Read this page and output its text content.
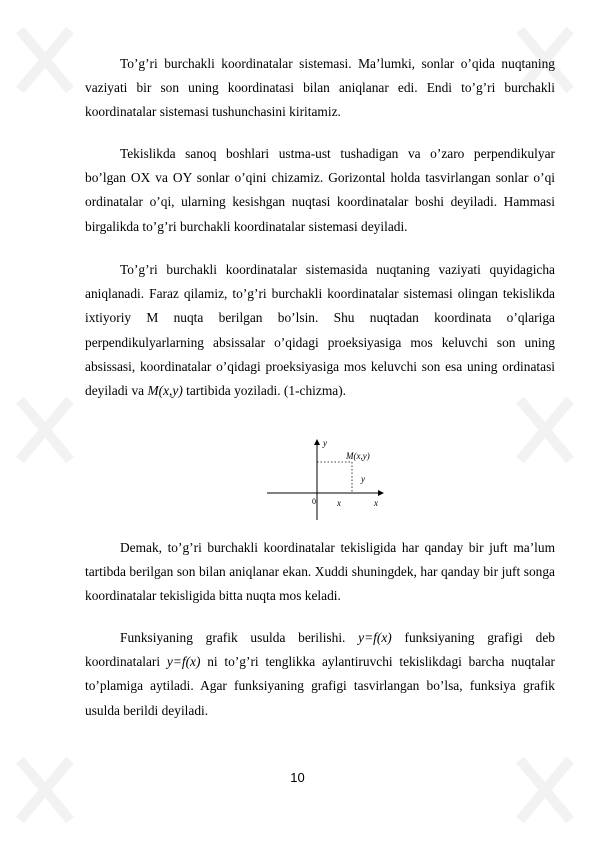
To’g’ri burchakli koordinatalar sistemasi. Ma’lumki, sonlar o’qida nuqtaning vaziyati bir son uning koordinatasi bilan aniqlanar edi. Endi to’g’ri burchakli koordinatalar sistemasi tushunchasini kiritamiz.

Tekislikda sanoq boshlari ustma-ust tushadigan va o’zaro perpendikulyar bo’lgan OX va OY sonlar o’qini chizamiz. Gorizontal holda tasvirlangan sonlar o’qi ordinatalar o’qi, ularning kesishgan nuqtasi koordinatalar boshi deyiladi. Hammasi birgalikda to’g’ri burchakli koordinatalar sistemasi deyiladi.

To’g’ri burchakli koordinatalar sistemasida nuqtaning vaziyati quyidagicha aniqlanadi. Faraz qilamiz, to’g’ri burchakli koordinatalar sistemasi olingan tekislikda ixtiyoriy M nuqta berilgan bo’lsin. Shu nuqtadan koordinata o’qlariga perpendikulyarlarning absissalar o’qidagi proeksiyasiga mos keluvchi son uning absissasi, koordinatalar o’qidagi proeksiyasiga mos keluvchi son esa uning ordinatasi deyiladi va M(x,y) tartibida yoziladi. (1-chizma).

y
M(x,y)
y
0 x	x

Demak, to’g’ri burchakli koordinatalar tekisligida har qanday bir juft ma’lum tartibda berilgan son bilan aniqlanar ekan. Xuddi shuningdek, har qanday bir juft songa koordinatalar tekisligida bitta nuqta mos keladi.

Funksiyaning grafik usulda berilishi. y=f(x) funksiyaning grafigi deb koordinatalari y=f(x) ni to’g’ri tenglikka aylantiruvchi tekislikdagi barcha nuqtalar to’plamiga aytiladi. Agar funksiyaning grafigi tasvirlangan bo’lsa, funksiya grafik usulda berildi deyiladi.

10
